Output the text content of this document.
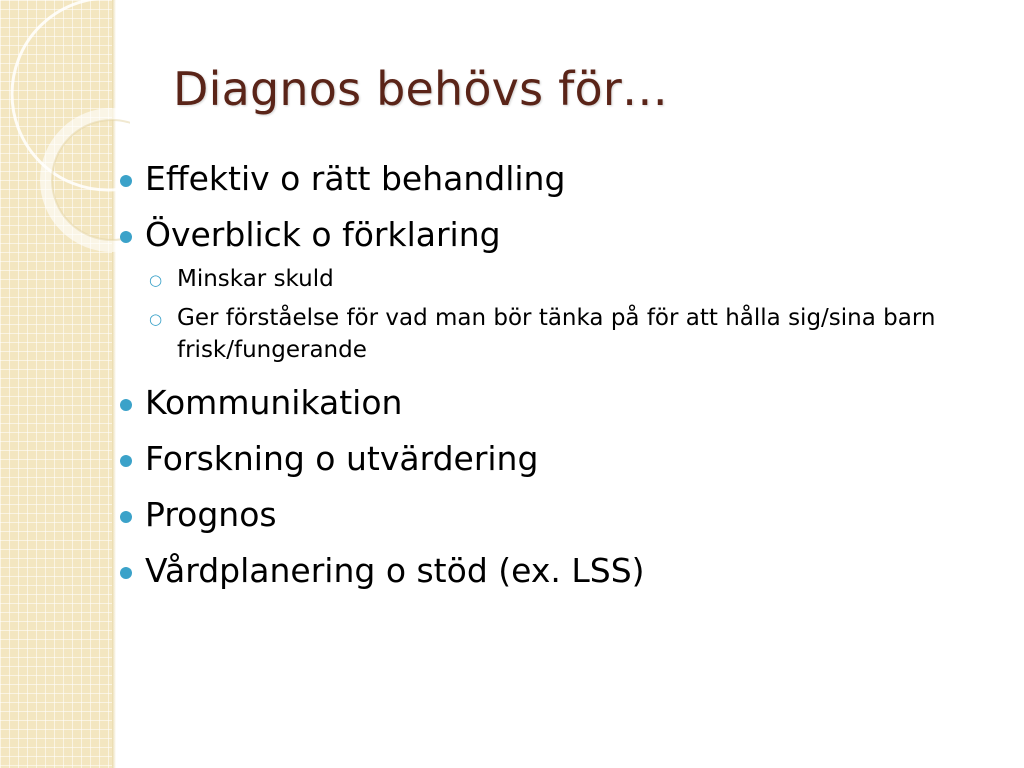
Diagnos behövs för…
Effektiv o rätt behandling
Överblick o förklaring
○ Minskar skuld
○ Ger förståelse för vad man bör tänka på för att hålla sig/sina barn frisk/fungerande
Kommunikation
Forskning o utvärdering
Prognos
Vårdplanering o stöd (ex. LSS)
